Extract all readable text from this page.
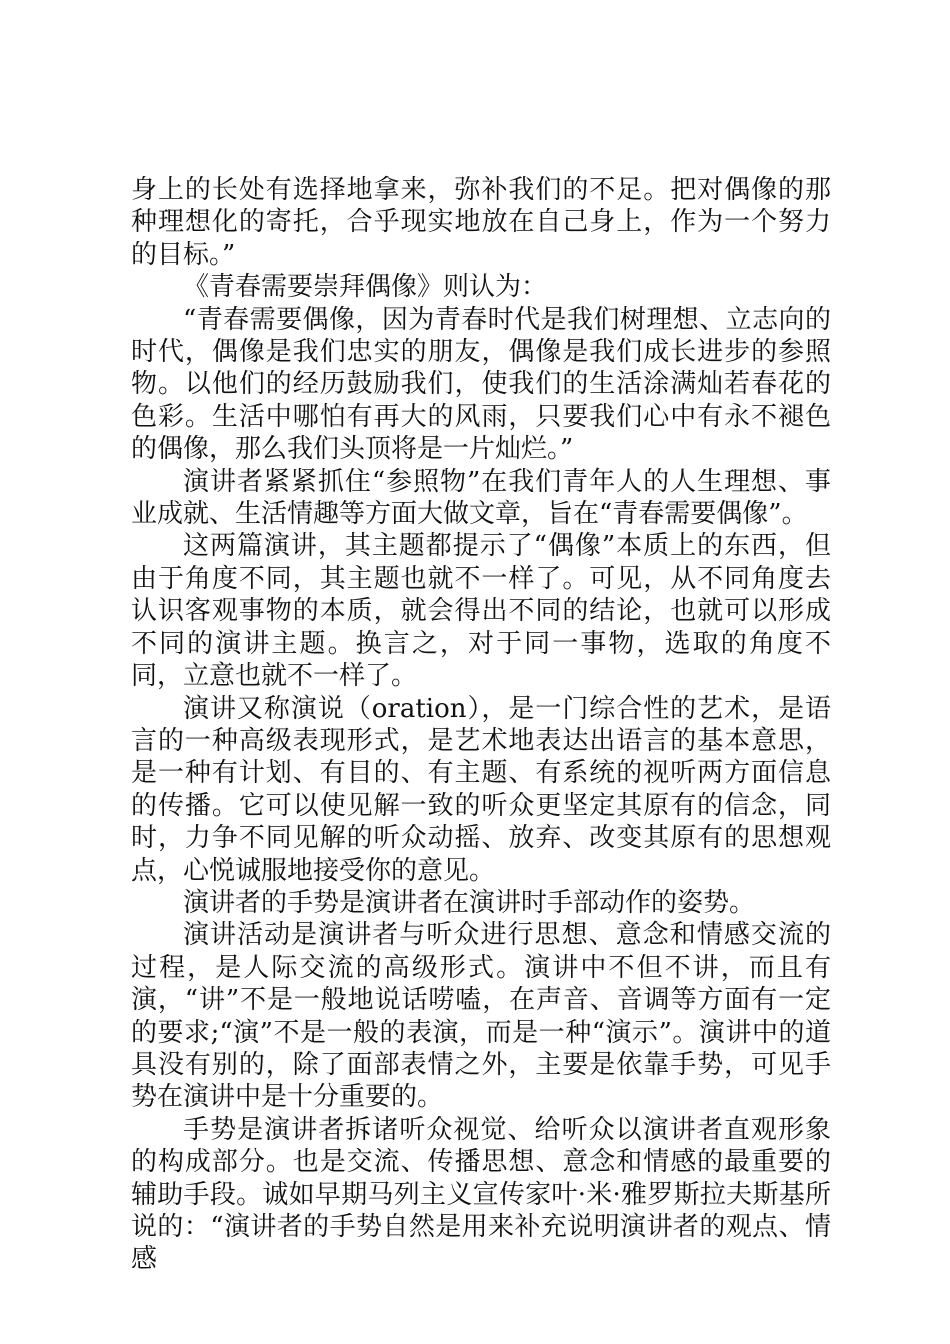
身上的长处有选择地拿来，弥补我们的不足。把对偶像的那种理想化的寄托，合乎现实地放在自己身上，作为一个努力的目标。”

《青春需要崇拜偶像》则认为：

“青春需要偶像，因为青春时代是我们树理想、立志向的时代，偶像是我们忠实的朋友，偶像是我们成长进步的参照物。以他们的经历鼓励我们，使我们的生活涂满灿若春花的色彩。生活中哪怕有再大的风雨，只要我们心中有永不褪色的偶像，那么我们头顶将是一片灿烂。”

演讲者紧紧抓住“参照物”在我们青年人的人生理想、事业成就、生活情趣等方面大做文章，旨在“青春需要偶像”。

这两篇演讲，其主题都提示了“偶像”本质上的东西，但由于角度不同，其主题也就不一样了。可见，从不同角度去认识客观事物的本质，就会得出不同的结论，也就可以形成不同的演讲主题。换言之，对于同一事物，选取的角度不同，立意也就不一样了。

演讲又称演说（oration），是一门综合性的艺术，是语言的一种高级表现形式，是艺术地表达出语言的基本意思，是一种有计划、有目的、有主题、有系统的视听两方面信息的传播。它可以使见解一致的听众更坚定其原有的信念，同时，力争不同见解的听众动摇、放弃、改变其原有的思想观点，心悦诚服地接受你的意见。

演讲者的手势是演讲者在演讲时手部动作的姿势。

演讲活动是演讲者与听众进行思想、意念和情感交流的过程，是人际交流的高级形式。演讲中不但不讲，而且有演，“讲”不是一般地说话唠嗑，在声音、音调等方面有一定的要求;“演”不是一般的表演，而是一种“演示”。演讲中的道具没有别的，除了面部表情之外，主要是依靠手势，可见手势在演讲中是十分重要的。

手势是演讲者拆诸听众视觉、给听众以演讲者直观形象的构成部分。也是交流、传播思想、意念和情感的最重要的辅助手段。诚如早期马列主义宣传家叶·米·雅罗斯拉夫斯基所说的：“演讲者的手势自然是用来补充说明演讲者的观点、情感
